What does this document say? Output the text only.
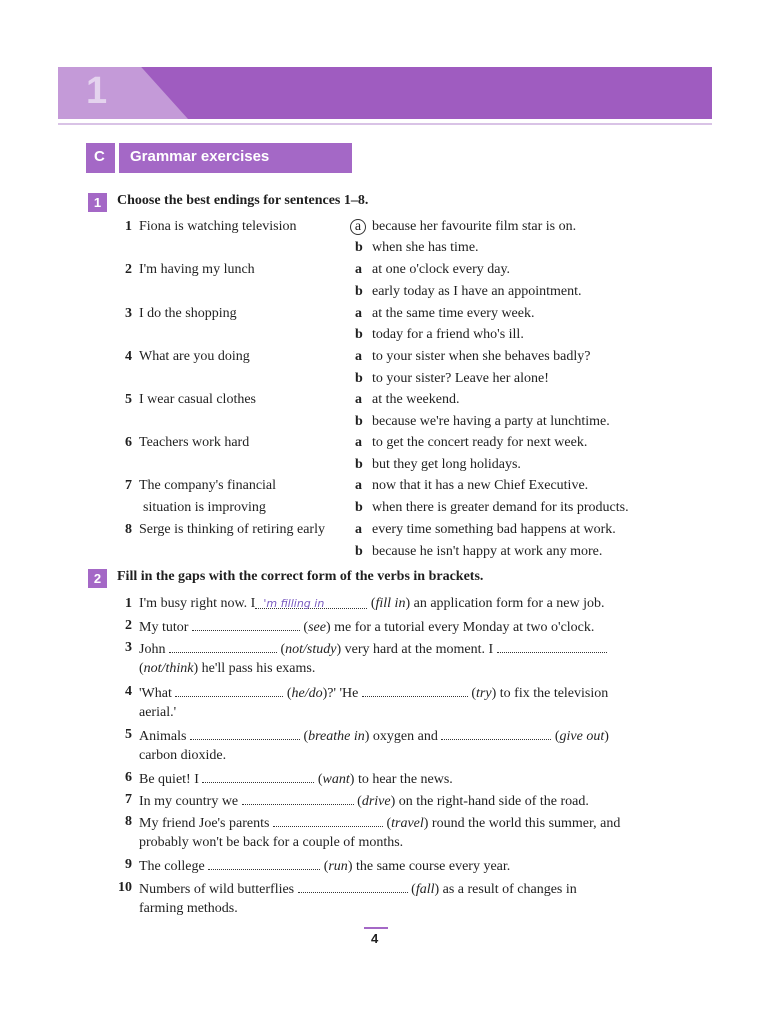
1
C Grammar exercises
1	Choose the best endings for sentences 1–8.
1 Fiona is watching television	a because her favourite film star is on.
b when she has time.
2 I'm having my lunch	a at one o'clock every day.
b early today as I have an appointment.
3 I do the shopping	a at the same time every week.
b today for a friend who's ill.
4 What are you doing	a to your sister when she behaves badly?
b to your sister? Leave her alone!
5 I wear casual clothes	a at the weekend.
b because we're having a party at lunchtime.
6 Teachers work hard	a to get the concert ready for next week.
b but they get long holidays.
7 The company's financial
situation is improving
a now that it has a new Chief Executive.
b when there is greater demand for its products.
8 Serge is thinking of retiring early a every time something bad happens at work.
b because he isn't happy at work any more.
2	Fill in the gaps with the correct form of the verbs in brackets.
1 I'm busy right now. I 'm filling in	(fill in) an application form for a new job.
2 My tutor	(see) me for a tutorial every Monday at two o'clock.
3 John	(not/study) very hard at the moment. I
(not/think) he'll pass his exams.
4 'What	(he/do)?' 'He	(try) to fix the television
aerial.'
5 Animals	(breathe in) oxygen and	(give out)
carbon dioxide.
6 Be quiet! I	(want) to hear the news.
7 In my country we	(drive) on the right-hand side of the road.
8 My friend Joe's parents	(travel) round the world this summer, and
probably won't be back for a couple of months.
9 The college	(run) the same course every year.
10 Numbers of wild butterflies	(fall) as a result of changes in
farming methods.
4
